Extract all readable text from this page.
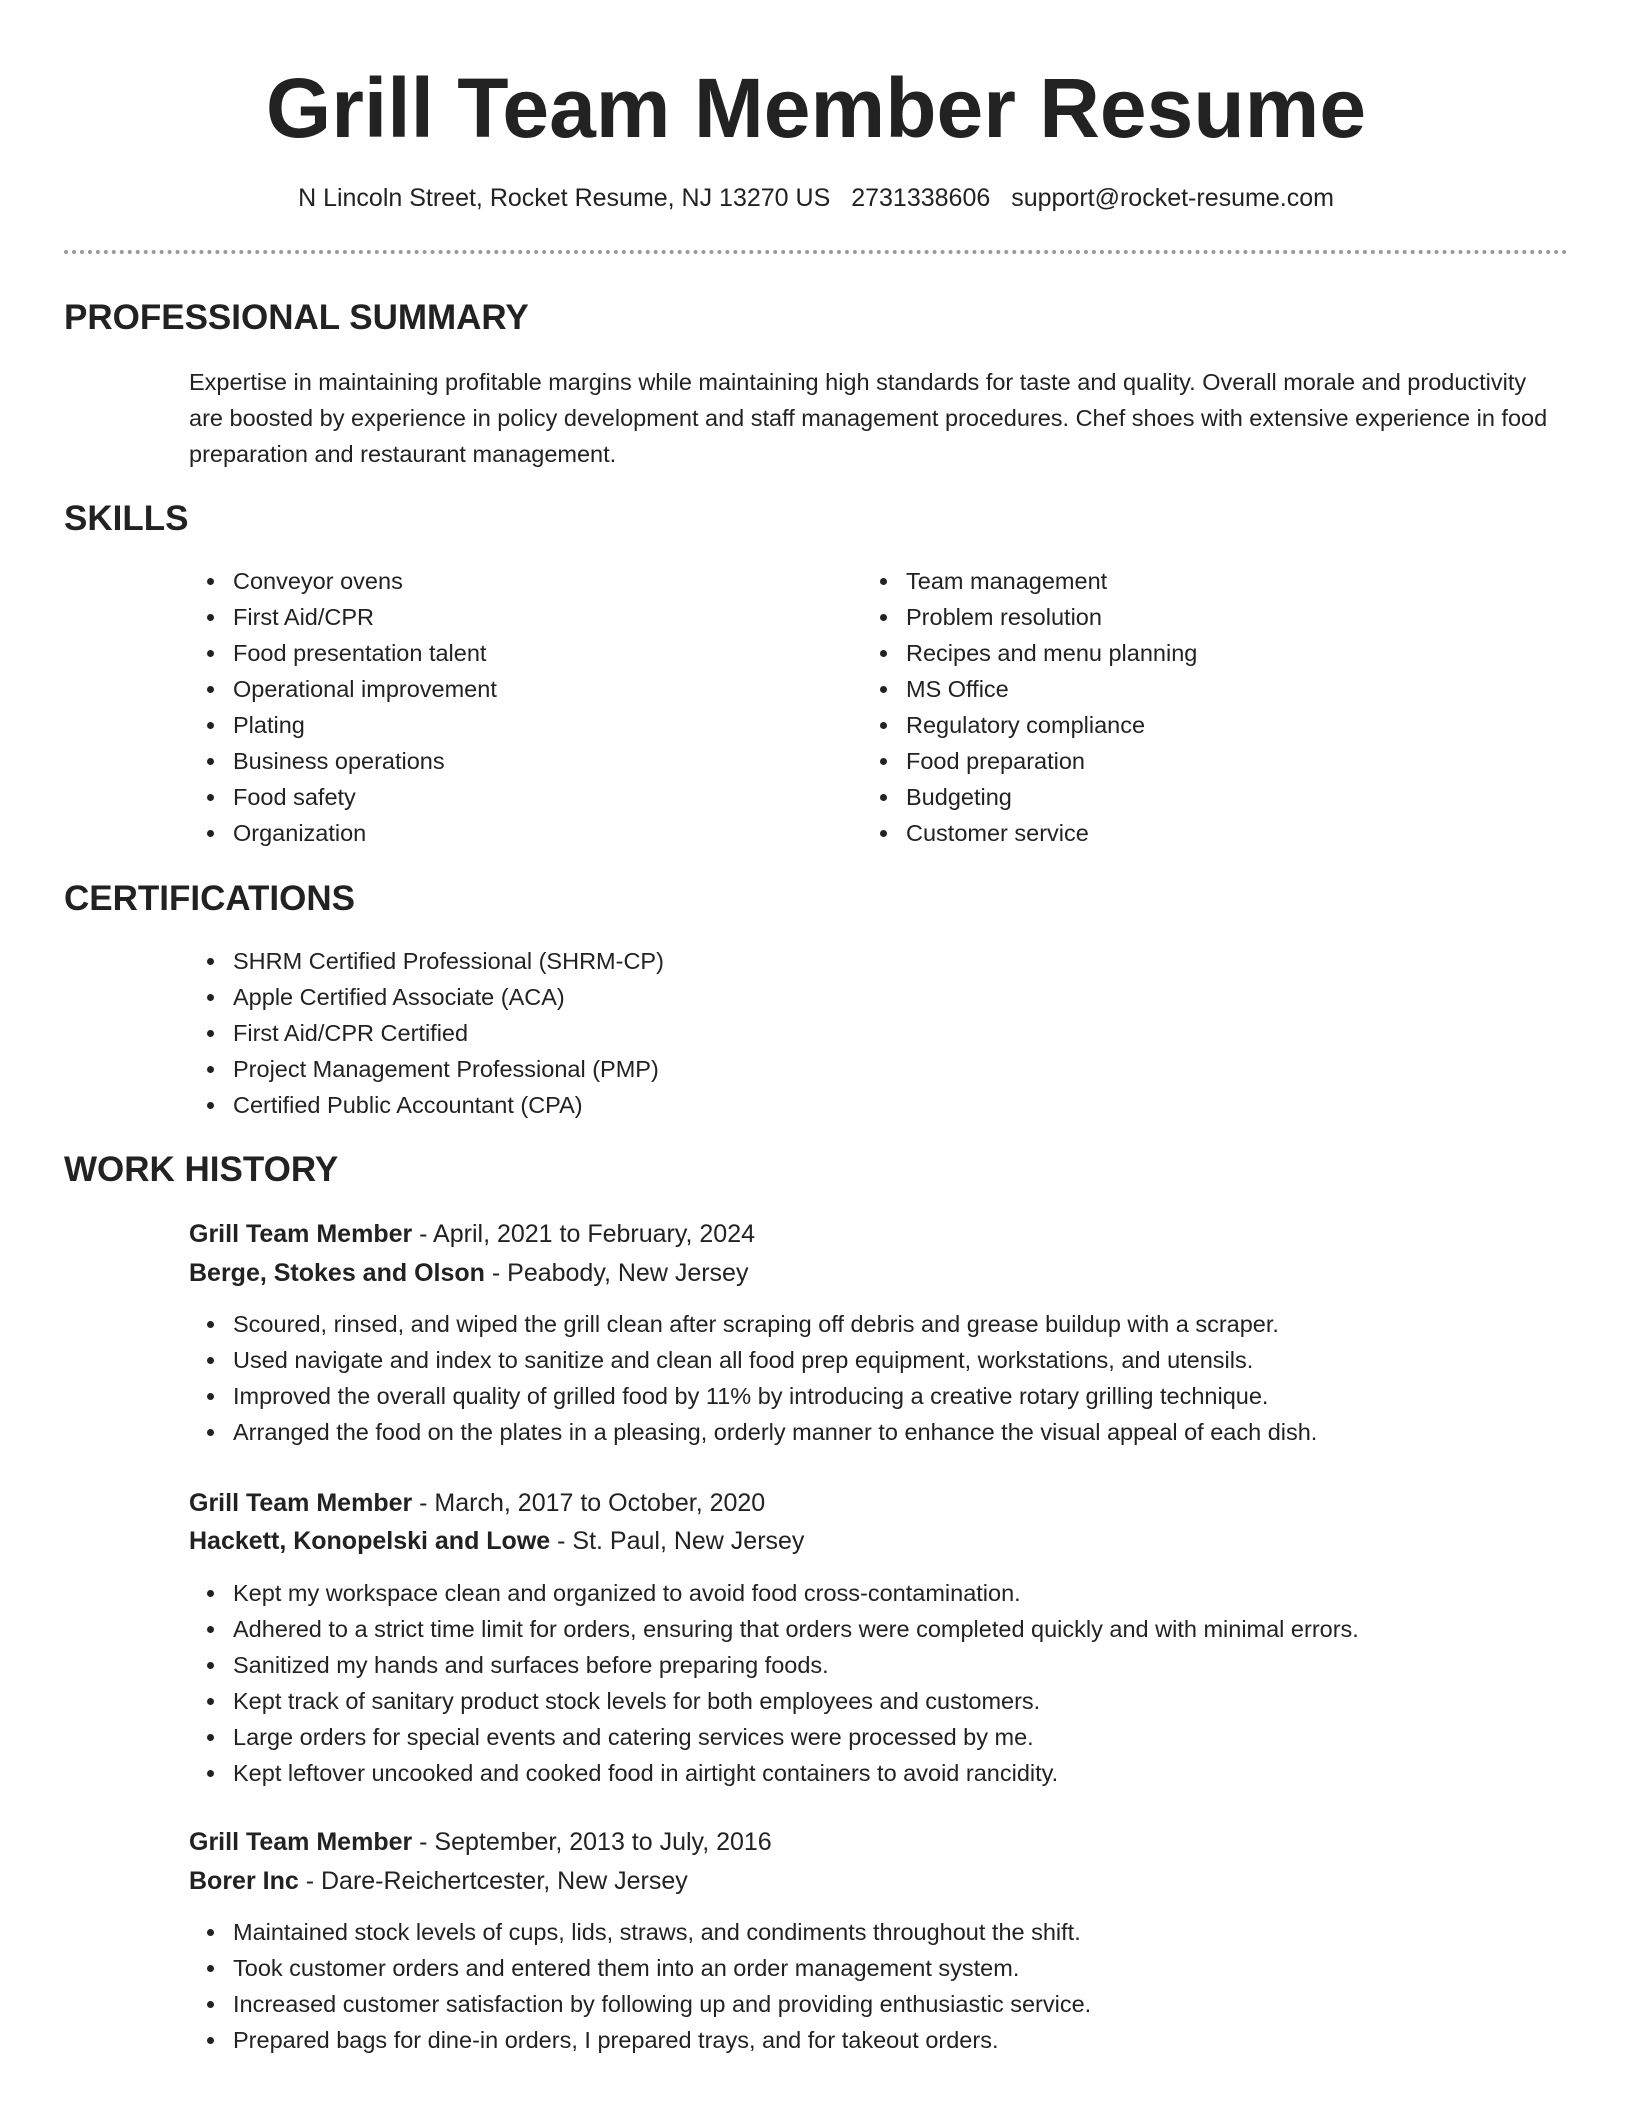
Grill Team Member Resume
N Lincoln Street, Rocket Resume, NJ 13270 US 2731338606 support@rocket-resume.com
PROFESSIONAL SUMMARY

Expertise in maintaining profitable margins while maintaining high standards for taste and quality. Overall morale and productivity are boosted by experience in policy development and staff management procedures. Chef shoes with extensive experience in food preparation and restaurant management.

SKILLS
Conveyor ovens
First Aid/CPR
Food presentation talent
Operational improvement
Plating
Business operations
Food safety
Organization
Team management
Problem resolution
Recipes and menu planning
MS Office
Regulatory compliance
Food preparation
Budgeting
Customer service
CERTIFICATIONS
SHRM Certified Professional (SHRM-CP)
Apple Certified Associate (ACA)
First Aid/CPR Certified
Project Management Professional (PMP)
Certified Public Accountant (CPA)
WORK HISTORY
Grill Team Member - April, 2021 to February, 2024
Berge, Stokes and Olson - Peabody, New Jersey
Scoured, rinsed, and wiped the grill clean after scraping off debris and grease buildup with a scraper.
Used navigate and index to sanitize and clean all food prep equipment, workstations, and utensils.
Improved the overall quality of grilled food by 11% by introducing a creative rotary grilling technique.
Arranged the food on the plates in a pleasing, orderly manner to enhance the visual appeal of each dish.
Grill Team Member - March, 2017 to October, 2020
Hackett, Konopelski and Lowe - St. Paul, New Jersey
Kept my workspace clean and organized to avoid food cross-contamination.
Adhered to a strict time limit for orders, ensuring that orders were completed quickly and with minimal errors.
Sanitized my hands and surfaces before preparing foods.
Kept track of sanitary product stock levels for both employees and customers.
Large orders for special events and catering services were processed by me.
Kept leftover uncooked and cooked food in airtight containers to avoid rancidity.
Grill Team Member - September, 2013 to July, 2016
Borer Inc - Dare-Reichertcester, New Jersey
Maintained stock levels of cups, lids, straws, and condiments throughout the shift.
Took customer orders and entered them into an order management system.
Increased customer satisfaction by following up and providing enthusiastic service.
Prepared bags for dine-in orders, I prepared trays, and for takeout orders.
